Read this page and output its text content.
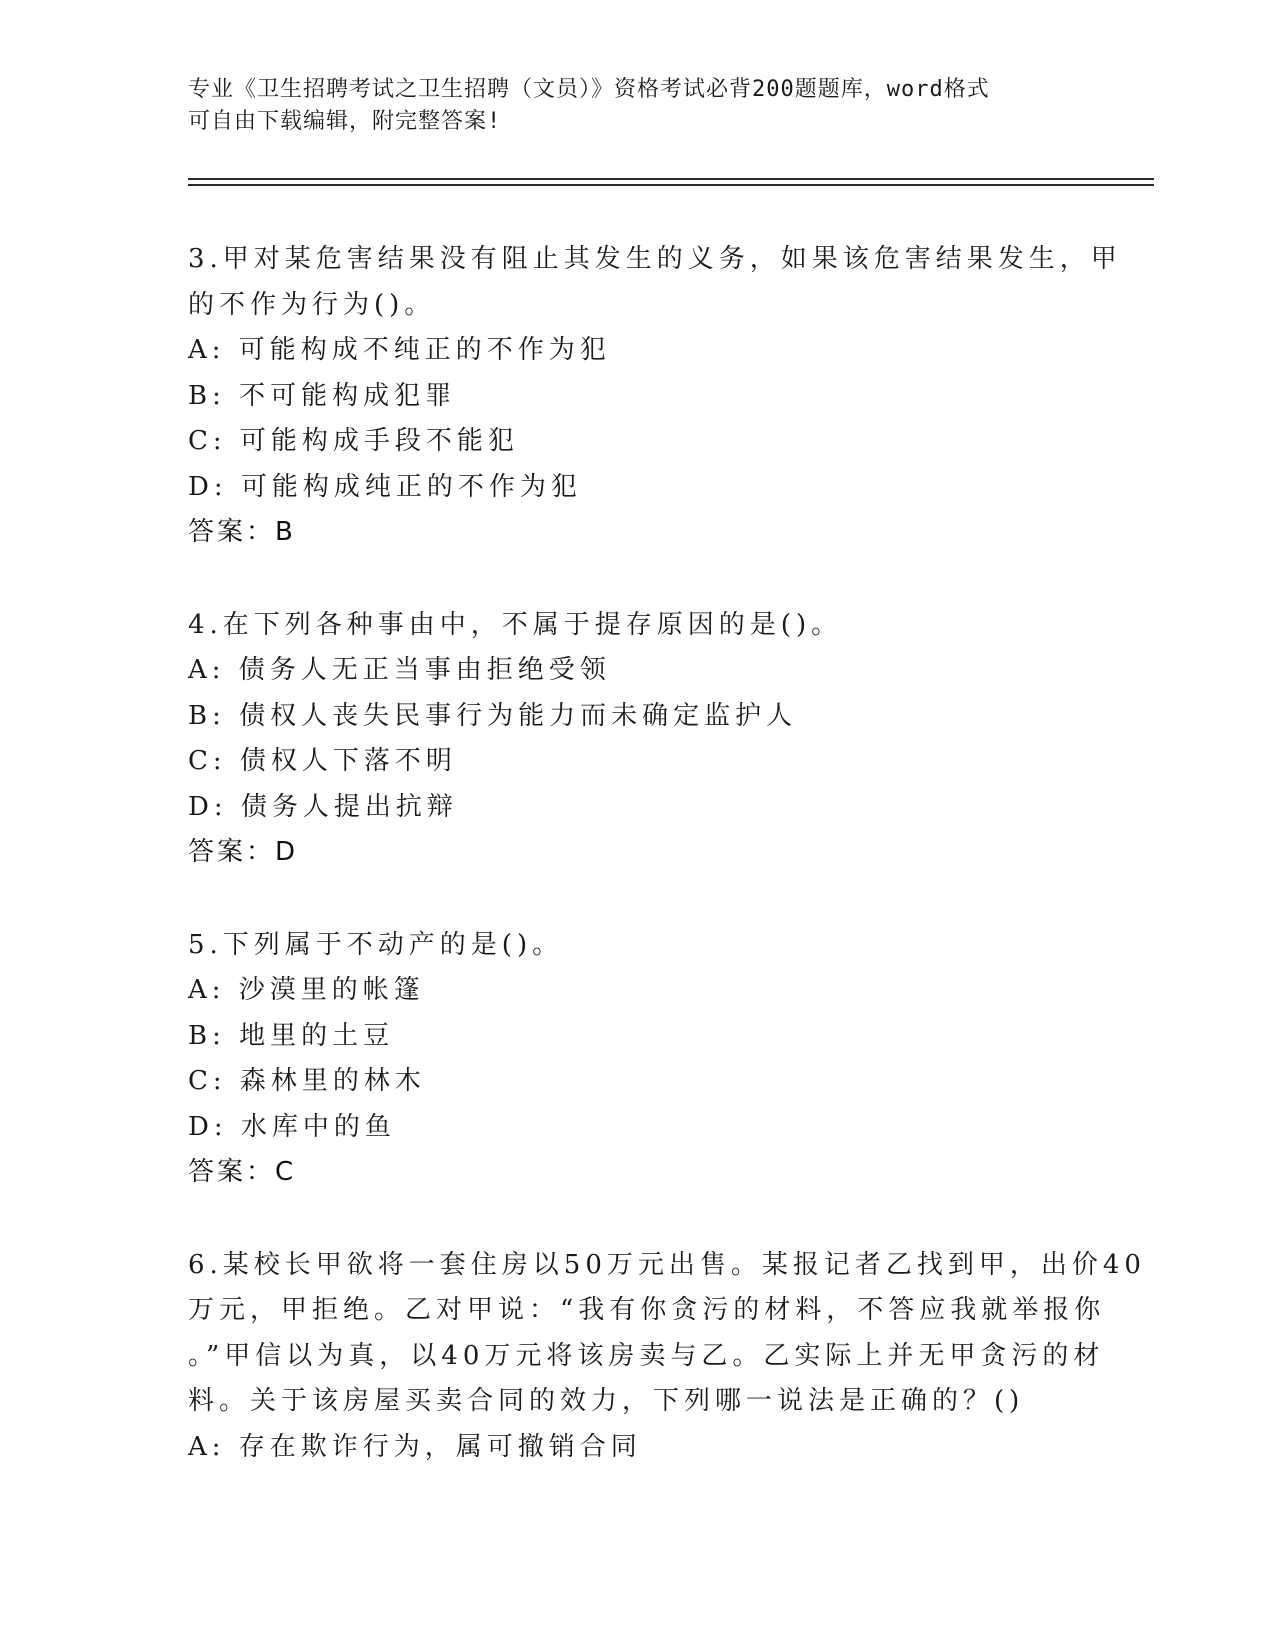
专业《卫生招聘考试之卫生招聘（文员）》资格考试必背200题题库，word格式
可自由下载编辑，附完整答案!
3.甲对某危害结果没有阻止其发生的义务，如果该危害结果发生，甲
的不作为行为()。
A: 可能构成不纯正的不作为犯
B: 不可能构成犯罪
C: 可能构成手段不能犯
D: 可能构成纯正的不作为犯
答案：B
4.在下列各种事由中，不属于提存原因的是()。
A: 债务人无正当事由拒绝受领
B: 债权人丧失民事行为能力而未确定监护人
C: 债权人下落不明
D: 债务人提出抗辩
答案：D
5.下列属于不动产的是()。
A: 沙漠里的帐篷
B: 地里的土豆
C: 森林里的林木
D: 水库中的鱼
答案：C
6.某校长甲欲将一套住房以50万元出售。某报记者乙找到甲，出价40
万元，甲拒绝。乙对甲说：“我有你贪污的材料，不答应我就举报你
。”甲信以为真，以40万元将该房卖与乙。乙实际上并无甲贪污的材
料。关于该房屋买卖合同的效力，下列哪一说法是正确的？()
A: 存在欺诈行为，属可撤销合同
